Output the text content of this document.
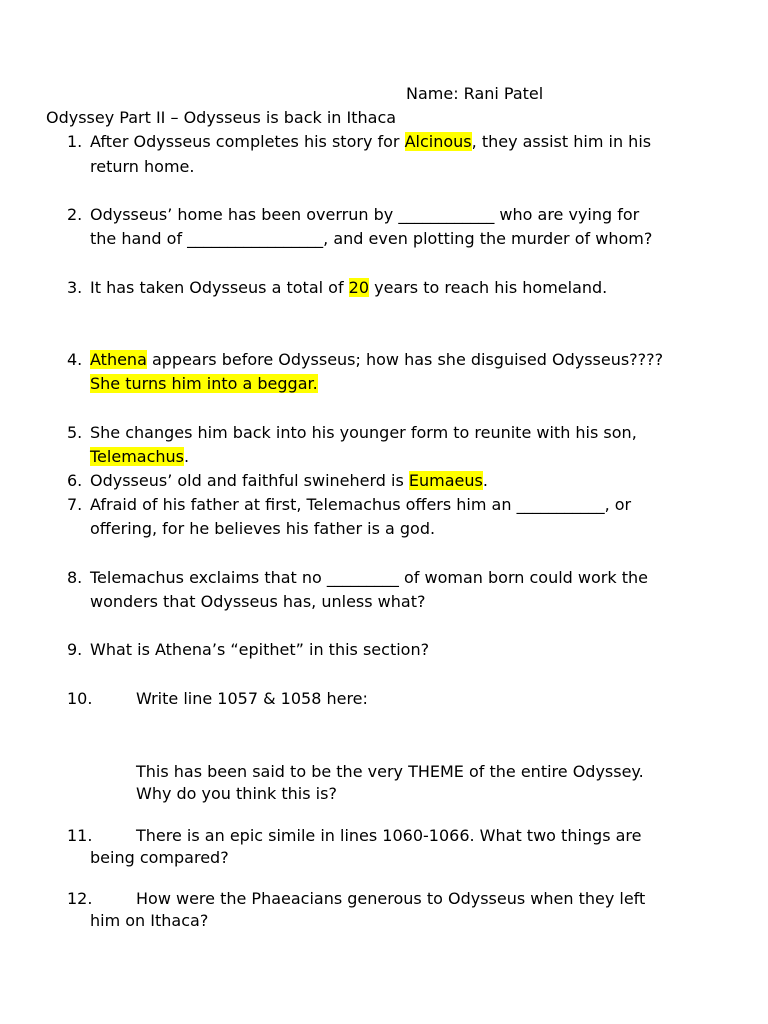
Name: Rani Patel
Odyssey Part II – Odysseus is back in Ithaca
1. After Odysseus completes his story for Alcinous, they assist him in his
return home.
2. Odysseus’ home has been overrun by ____________ who are vying for
the hand of _________________, and even plotting the murder of whom?
3. It has taken Odysseus a total of 20 years to reach his homeland.
4. Athena appears before Odysseus; how has she disguised Odysseus????
She turns him into a beggar.
5. She changes him back into his younger form to reunite with his son,
Telemachus.
6. Odysseus’ old and faithful swineherd is Eumaeus.
7. Afraid of his father at first, Telemachus offers him an ___________, or
offering, for he believes his father is a god.
8. Telemachus exclaims that no _________ of woman born could work the
wonders that Odysseus has, unless what?
9. What is Athena’s “epithet” in this section?
10.	Write line 1057 & 1058 here:
This has been said to be the very THEME of the entire Odyssey.
Why do you think this is?
11.	There is an epic simile in lines 1060-1066. What two things are
being compared?
12.	How were the Phaeacians generous to Odysseus when they left
him on Ithaca?
